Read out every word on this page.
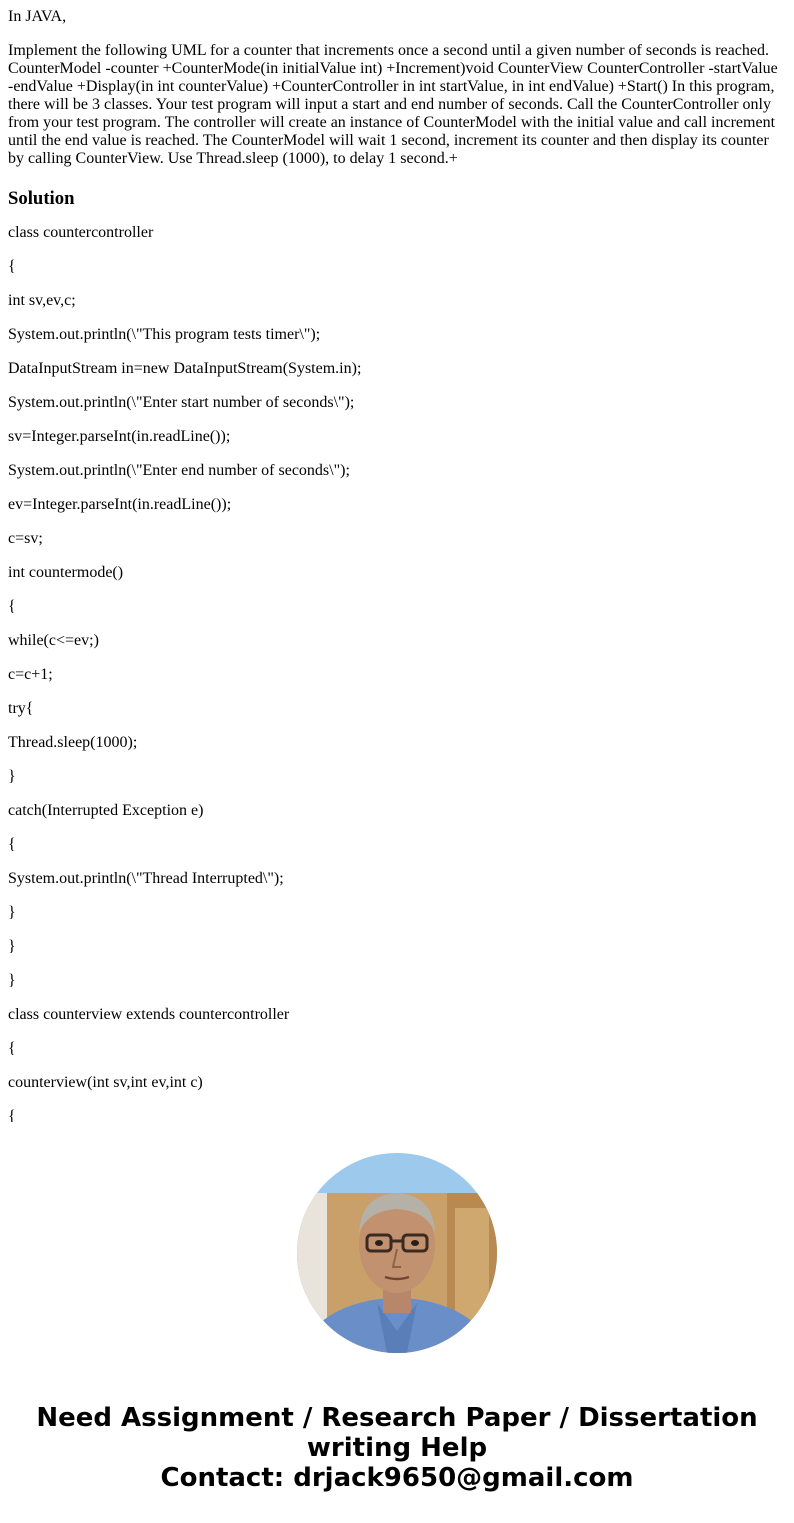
In JAVA,

Implement the following UML for a counter that increments once a second until a given number of seconds is reached. CounterModel -counter +CounterMode(in initialValue int) +Increment)void CounterView CounterController -startValue -endValue +Display(in int counterValue) +CounterController in int startValue, in int endValue) +Start() In this program, there will be 3 classes. Your test program will input a start and end number of seconds. Call the CounterController only from your test program. The controller will create an instance of CounterModel with the initial value and call increment until the end value is reached. The CounterModel will wait 1 second, increment its counter and then display its counter by calling CounterView. Use Thread.sleep (1000), to delay 1 second.+

Solution

class countercontroller

{

int sv,ev,c;

System.out.println(\"This program tests timer\");

DataInputStream in=new DataInputStream(System.in);

System.out.println(\"Enter start number of seconds\");

sv=Integer.parseInt(in.readLine());

System.out.println(\"Enter end number of seconds\");

ev=Integer.parseInt(in.readLine());

c=sv;

int countermode()

{

while(c<=ev;)

c=c+1;

try{

Thread.sleep(1000);

}

catch(Interrupted Exception e)

{

System.out.println(\"Thread Interrupted\");

}

}

}

class counterview extends countercontroller

{

counterview(int sv,int ev,int c)

{

Need Assignment / Research Paper / Dissertation
writing Help
Contact: drjack9650@gmail.com
